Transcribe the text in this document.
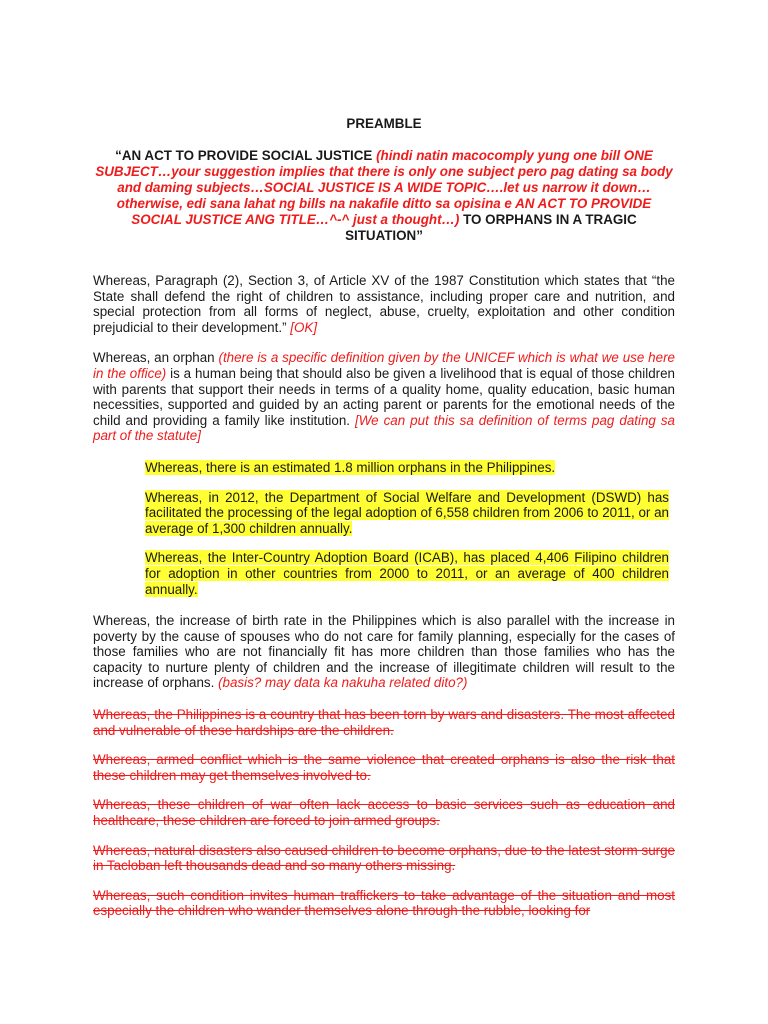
PREAMBLE

“AN ACT TO PROVIDE SOCIAL JUSTICE (hindi natin macocomply yung one bill ONE SUBJECT…your suggestion implies that there is only one subject pero pag dating sa body and daming subjects…SOCIAL JUSTICE IS A WIDE TOPIC….let us narrow it down…otherwise, edi sana lahat ng bills na nakafile ditto sa opisina e AN ACT TO PROVIDE SOCIAL JUSTICE ANG TITLE…^-^ just a thought…) TO ORPHANS IN A TRAGIC SITUATION”

Whereas, Paragraph (2), Section 3, of Article XV of the 1987 Constitution which states that “the State shall defend the right of children to assistance, including proper care and nutrition, and special protection from all forms of neglect, abuse, cruelty, exploitation and other condition prejudicial to their development.” [OK]

Whereas, an orphan (there is a specific definition given by the UNICEF which is what we use here in the office) is a human being that should also be given a livelihood that is equal of those children with parents that support their needs in terms of a quality home, quality education, basic human necessities, supported and guided by an acting parent or parents for the emotional needs of the child and providing a family like institution. [We can put this sa definition of terms pag dating sa part of the statute]

Whereas, there is an estimated 1.8 million orphans in the Philippines.

Whereas, in 2012, the Department of Social Welfare and Development (DSWD) has facilitated the processing of the legal adoption of 6,558 children from 2006 to 2011, or an average of 1,300 children annually.

Whereas, the Inter-Country Adoption Board (ICAB), has placed 4,406 Filipino children for adoption in other countries from 2000 to 2011, or an average of 400 children annually.

Whereas, the increase of birth rate in the Philippines which is also parallel with the increase in poverty by the cause of spouses who do not care for family planning, especially for the cases of those families who are not financially fit has more children than those families who has the capacity to nurture plenty of children and the increase of illegitimate children will result to the increase of orphans. (basis? may data ka nakuha related dito?)

Whereas, the Philippines is a country that has been torn by wars and disasters. The most affected and vulnerable of these hardships are the children.

Whereas, armed conflict which is the same violence that created orphans is also the risk that these children may get themselves involved to.

Whereas, these children of war often lack access to basic services such as education and healthcare, these children are forced to join armed groups.

Whereas, natural disasters also caused children to become orphans, due to the latest storm surge in Tacloban left thousands dead and so many others missing.

Whereas, such condition invites human traffickers to take advantage of the situation and most especially the children who wander themselves alone through the rubble, looking for
